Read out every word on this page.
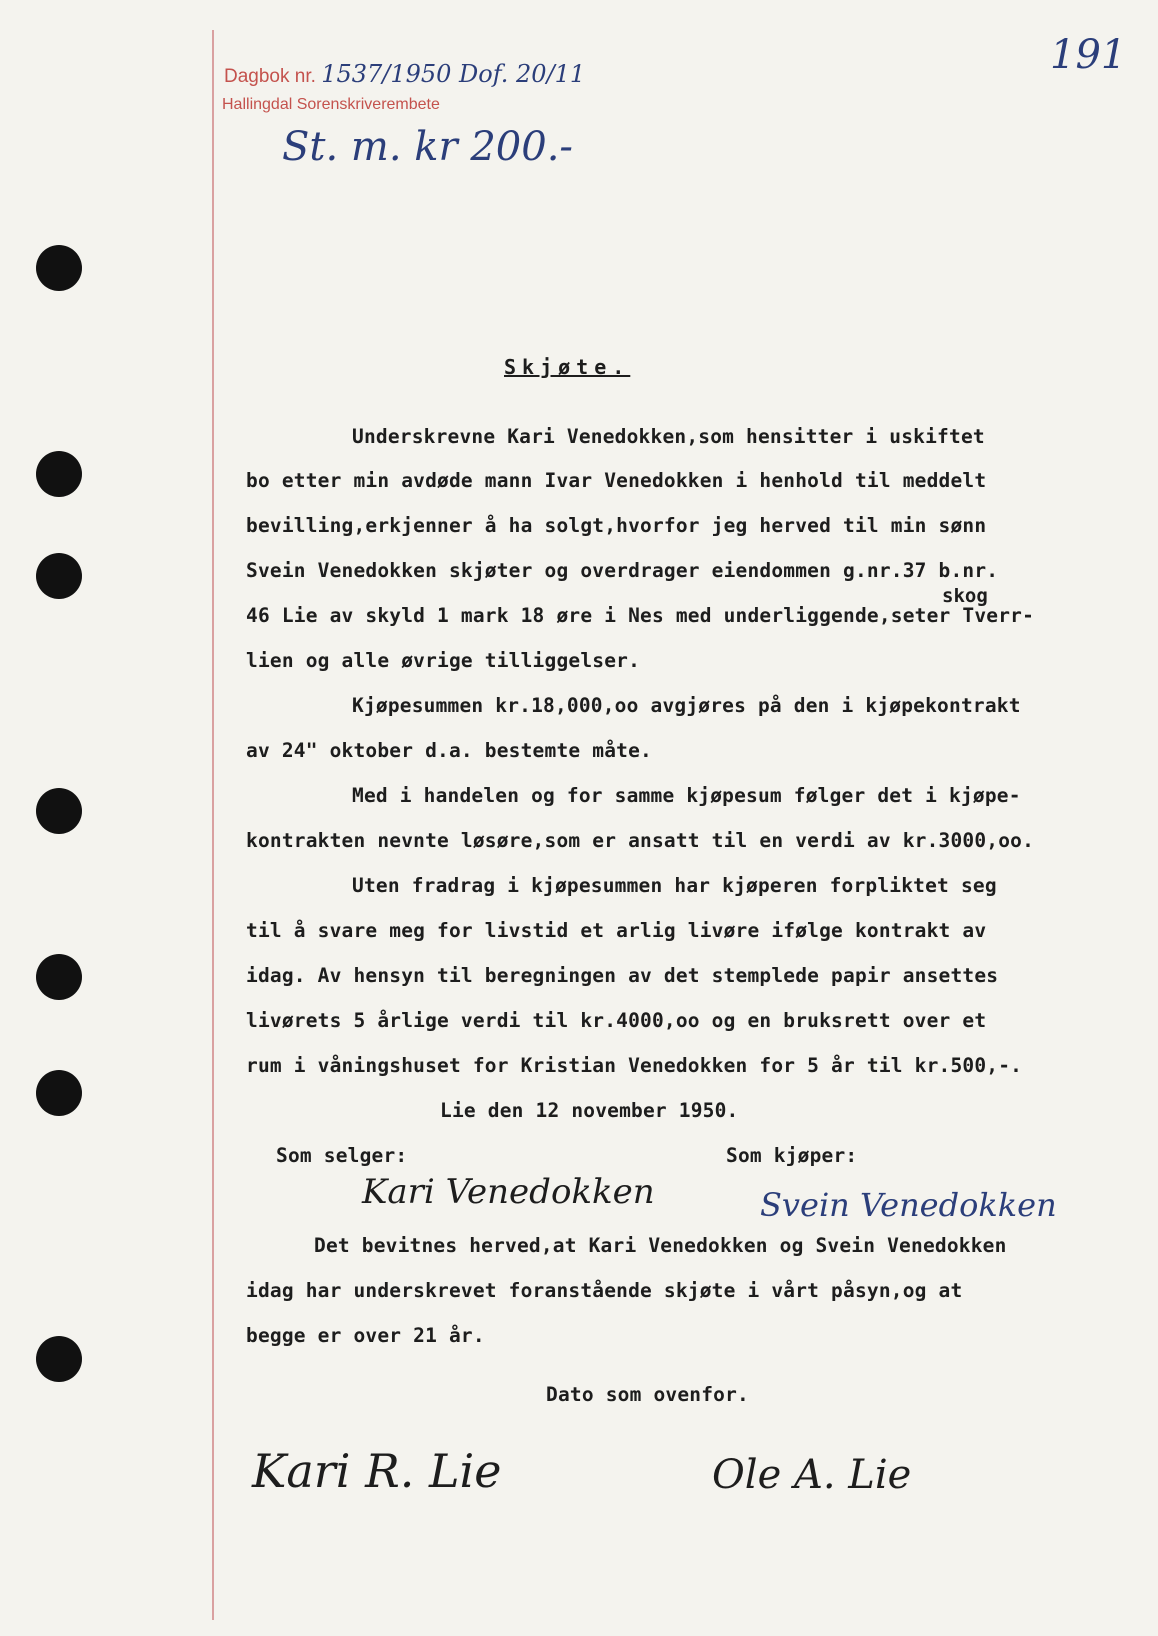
Dagbok nr. 1537/1950 Dof. 20/11
Hallingdal Sorenskriverembete
191
St. m. kr 200.-
Skjøte.
Underskrevne Kari Venedokken,som hensitter i uskiftet
bo etter min avdøde mann Ivar Venedokken i henhold til meddelt
bevilling,erkjenner å ha solgt,hvorfor jeg herved til min sønn
Svein Venedokken skjøter og overdrager eiendommen g.nr.37 b.nr.
skog
46 Lie av skyld 1 mark 18 øre i Nes med underliggende,seter Tverr-
lien og alle øvrige tilliggelser.
Kjøpesummen kr.18,000,oo avgjøres på den i kjøpekontrakt
av 24" oktober d.a. bestemte måte.
Med i handelen og for samme kjøpesum følger det i kjøpe-
kontrakten nevnte løsøre,som er ansatt til en verdi av kr.3000,oo.
Uten fradrag i kjøpesummen har kjøperen forpliktet seg
til å svare meg for livstid et arlig livøre ifølge kontrakt av
idag. Av hensyn til beregningen av det stemplede papir ansettes
livørets 5 årlige verdi til kr.4000,oo og en bruksrett over et
rum i våningshuset for Kristian Venedokken for 5 år til kr.500,-.
Lie den 12 november 1950.
Som selger:	Som kjøper:
Kari Venedokken	Svein Venedokken
Det bevitnes herved,at Kari Venedokken og Svein Venedokken
idag har underskrevet foranstående skjøte i vårt påsyn,og at
begge er over 21 år.
Dato som ovenfor.
Kari R. Lie	Ole A. Lie
